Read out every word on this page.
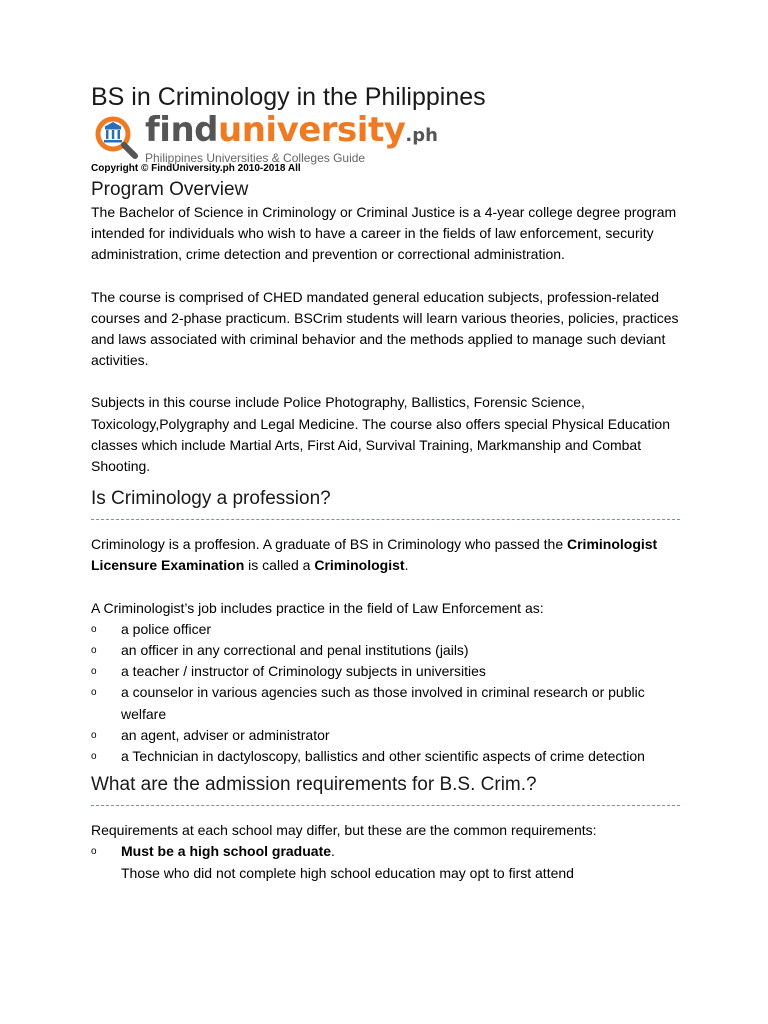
BS in Criminology in the Philippines
finduniversity.ph
Philippines Universities & Colleges Guide
Copyright © FindUniversity.ph 2010-2018 All
Program Overview

The Bachelor of Science in Criminology or Criminal Justice is a 4-year college degree program intended for individuals who wish to have a career in the fields of law enforcement, security administration, crime detection and prevention or correctional administration.

The course is comprised of CHED mandated general education subjects, profession-related courses and 2-phase practicum. BSCrim students will learn various theories, policies, practices and laws associated with criminal behavior and the methods applied to manage such deviant activities.

Subjects in this course include Police Photography, Ballistics, Forensic Science, Toxicology,Polygraphy and Legal Medicine. The course also offers special Physical Education classes which include Martial Arts, First Aid, Survival Training, Markmanship and Combat Shooting.

Is Criminology a profession?

Criminology is a proffesion. A graduate of BS in Criminology who passed the Criminologist Licensure Examination is called a Criminologist.

A Criminologist’s job includes practice in the field of Law Enforcement as:

o a police officer
o an officer in any correctional and penal institutions (jails)
o a teacher / instructor of Criminology subjects in universities
o a counselor in various agencies such as those involved in criminal research or public welfare
o an agent, adviser or administrator
o a Technician in dactyloscopy, ballistics and other scientific aspects of crime detection
What are the admission requirements for B.S. Crim.?

Requirements at each school may differ, but these are the common requirements:

o Must be a high school graduate.
Those who did not complete high school education may opt to first attend
